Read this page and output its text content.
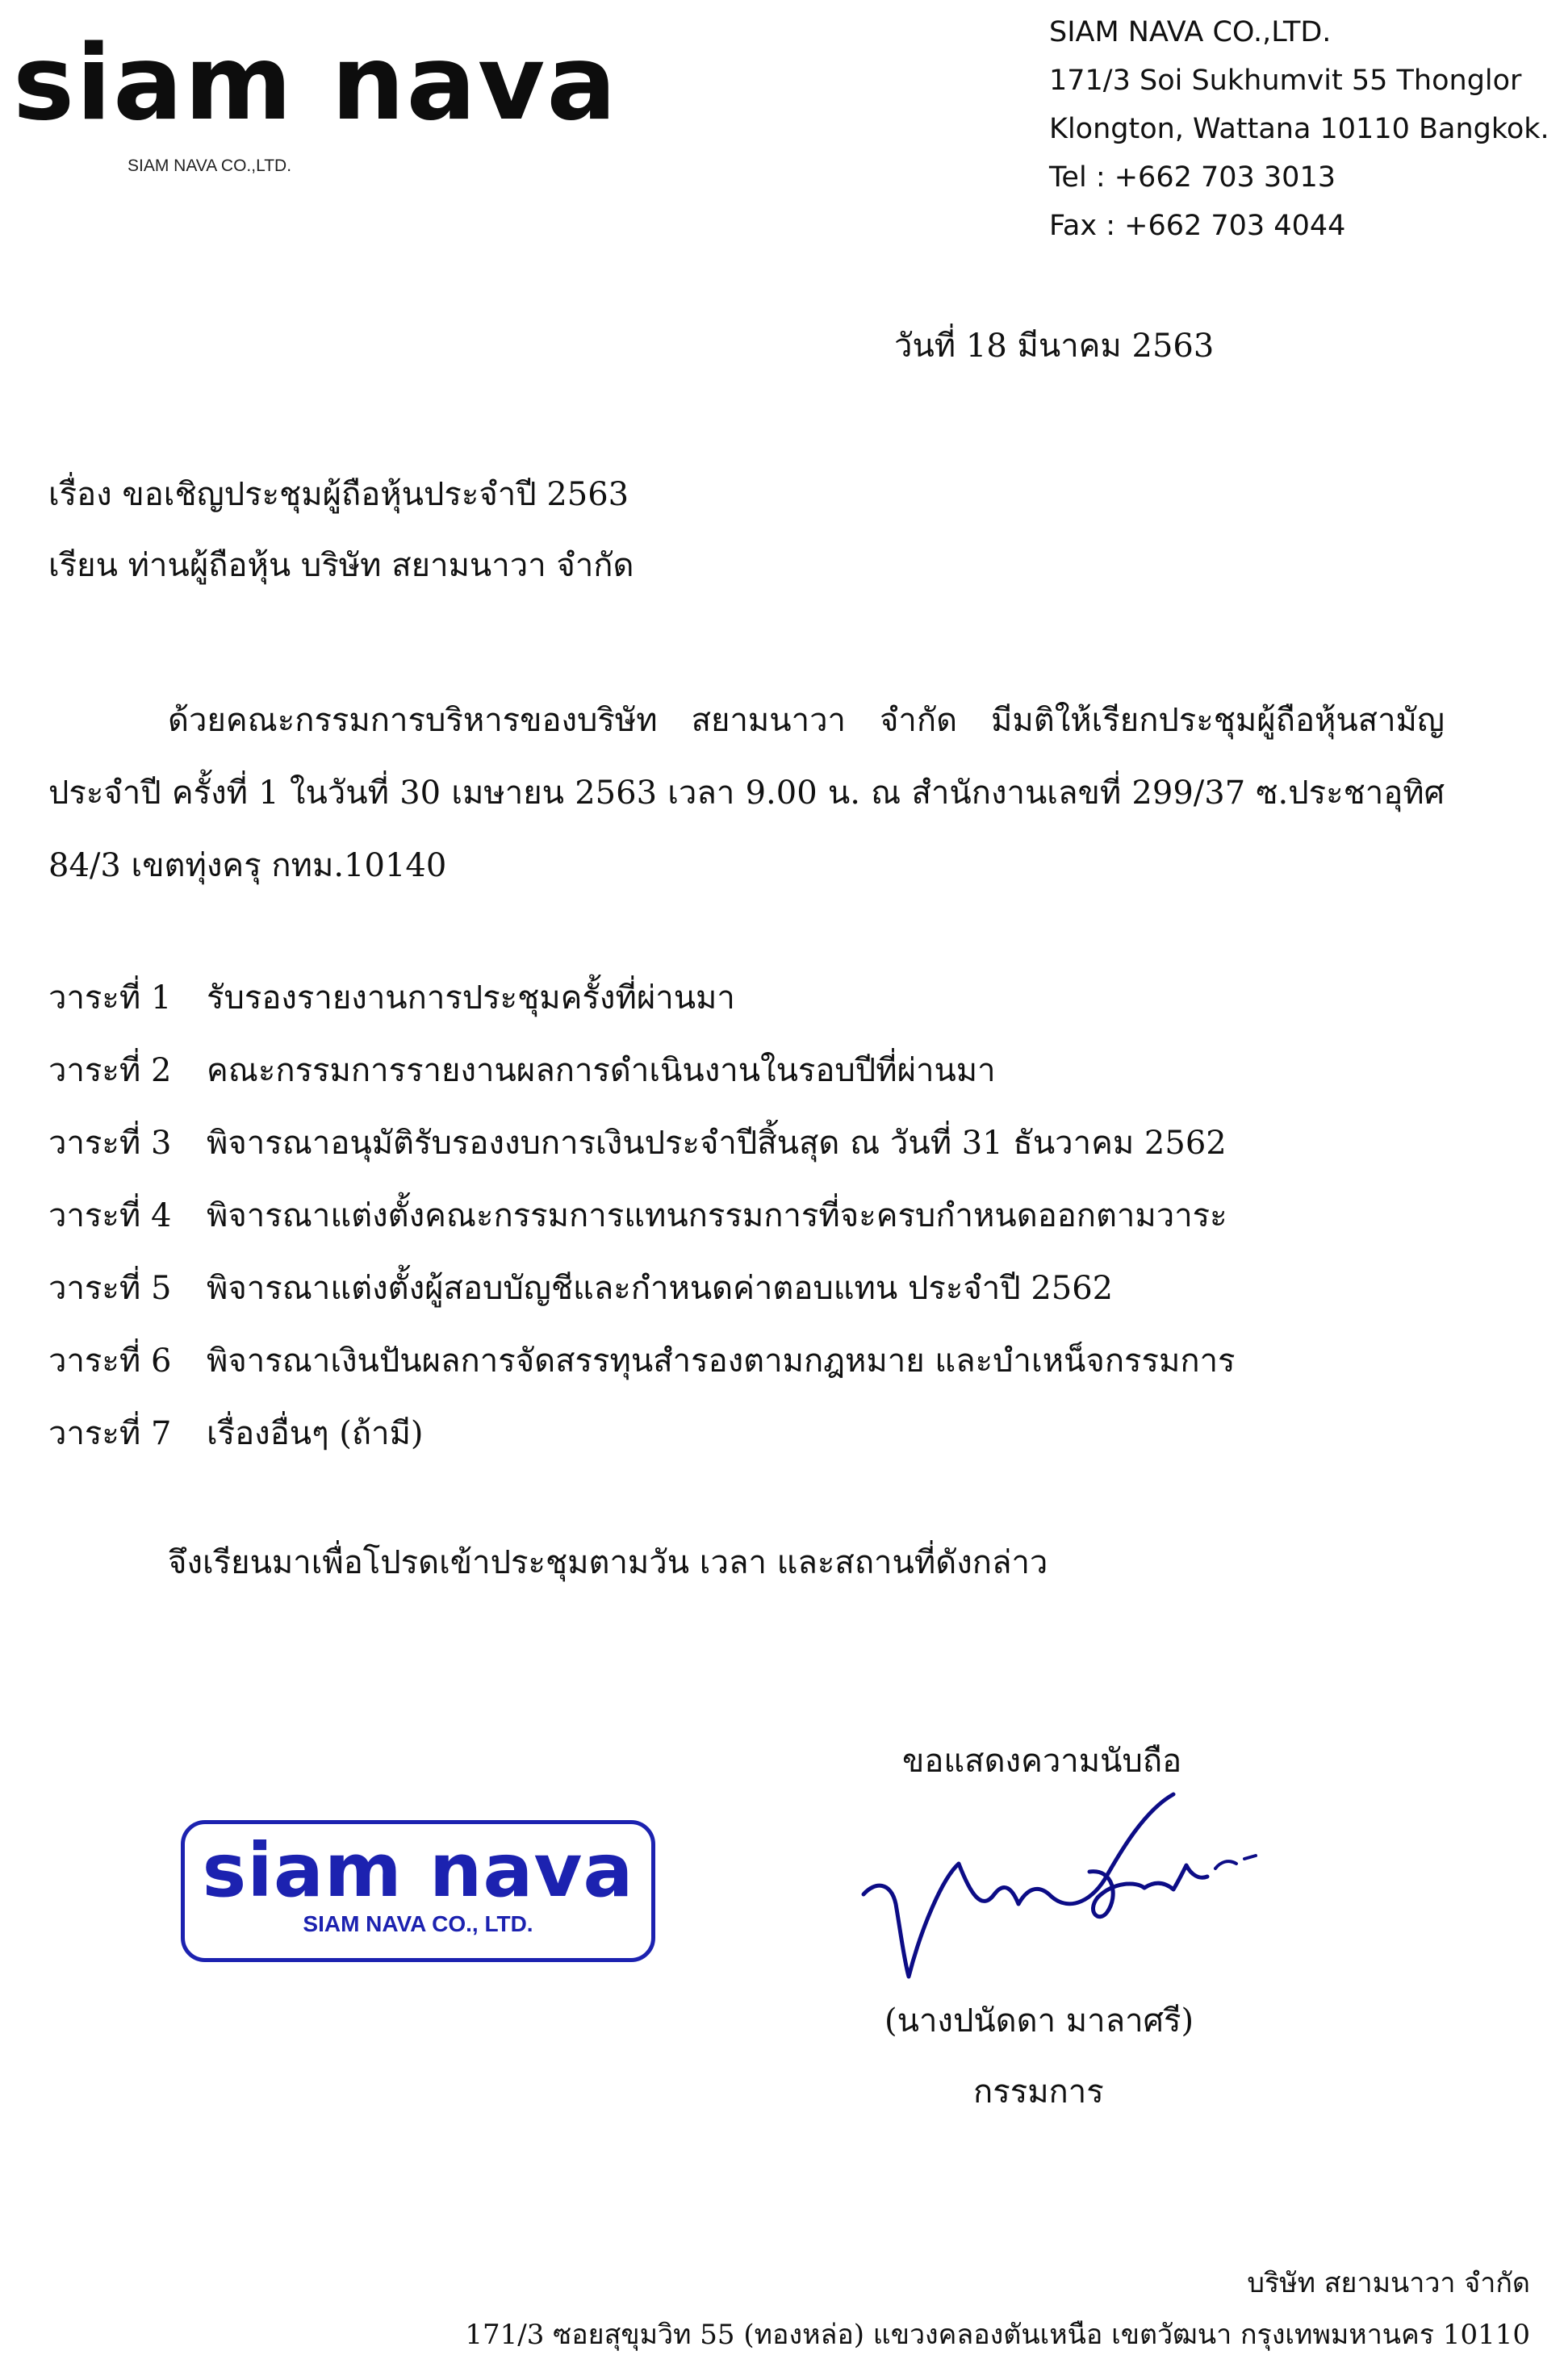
siam nava
SIAM NAVA CO.,LTD.
SIAM NAVA CO.,LTD.
171/3 Soi Sukhumvit 55 Thonglor
Klongton, Wattana 10110 Bangkok.
Tel : +662 703 3013
Fax : +662 703 4044
วันที่ 18 มีนาคม 2563
เรื่อง ขอเชิญประชุมผู้ถือหุ้นประจำปี 2563
เรียน ท่านผู้ถือหุ้น บริษัท สยามนาวา จำกัด

ด้วยคณะกรรมการบริหารของบริษัท สยามนาวา จำกัด มีมติให้เรียกประชุมผู้ถือหุ้นสามัญประจำปี ครั้งที่ 1 ในวันที่ 30 เมษายน 2563 เวลา 9.00 น. ณ สำนักงานเลขที่ 299/37 ซ.ประชาอุทิศ 84/3 เขตทุ่งครุ กทม.10140

วาระที่ 1 รับรองรายงานการประชุมครั้งที่ผ่านมา
วาระที่ 2 คณะกรรมการรายงานผลการดำเนินงานในรอบปีที่ผ่านมา
วาระที่ 3 พิจารณาอนุมัติรับรองงบการเงินประจำปีสิ้นสุด ณ วันที่ 31 ธันวาคม 2562
วาระที่ 4 พิจารณาแต่งตั้งคณะกรรมการแทนกรรมการที่จะครบกำหนดออกตามวาระ
วาระที่ 5 พิจารณาแต่งตั้งผู้สอบบัญชีและกำหนดค่าตอบแทน ประจำปี 2562
วาระที่ 6 พิจารณาเงินปันผลการจัดสรรทุนสำรองตามกฎหมาย และบำเหน็จกรรมการ
วาระที่ 7 เรื่องอื่นๆ (ถ้ามี)
จึงเรียนมาเพื่อโปรดเข้าประชุมตามวัน เวลา และสถานที่ดังกล่าว
ขอแสดงความนับถือ
siam nava
SIAM NAVA CO., LTD.
(นางปนัดดา มาลาศรี)
กรรมการ
บริษัท สยามนาวา จำกัด
171/3 ซอยสุขุมวิท 55 (ทองหล่อ) แขวงคลองตันเหนือ เขตวัฒนา กรุงเทพมหานคร 10110
